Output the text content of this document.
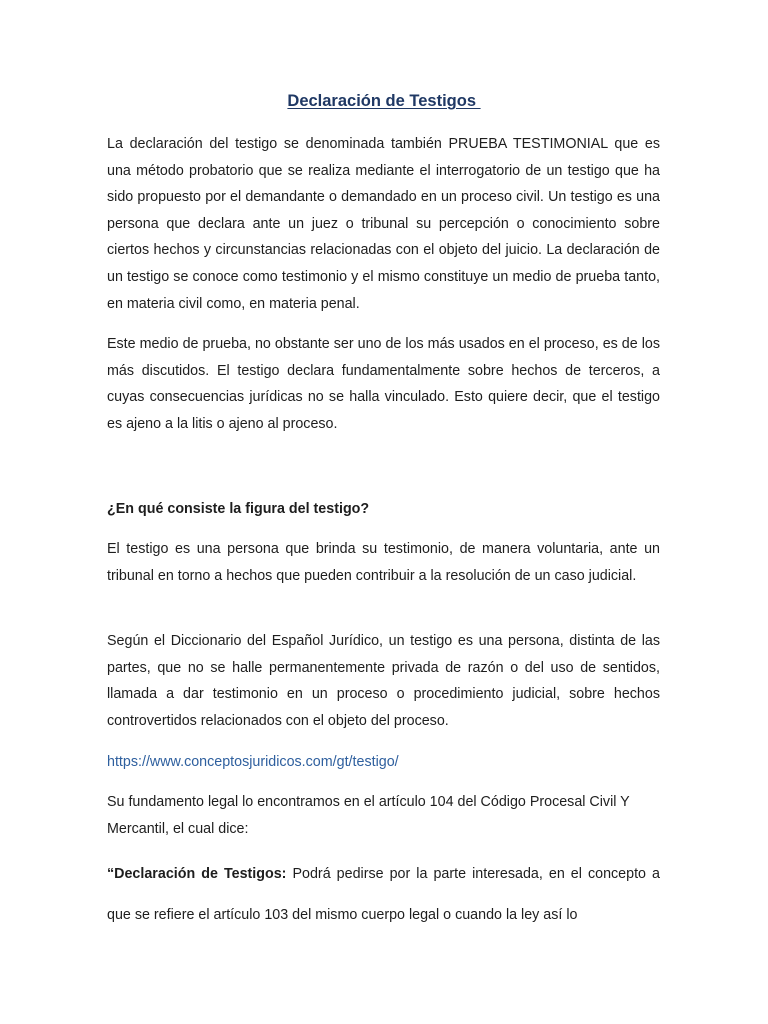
Declaración de Testigos

La declaración del testigo se denominada también PRUEBA TESTIMONIAL que es una método probatorio que se realiza mediante el interrogatorio de un testigo que ha sido propuesto por el demandante o demandado en un proceso civil. Un testigo es una persona que declara ante un juez o tribunal su percepción o conocimiento sobre ciertos hechos y circunstancias relacionadas con el objeto del juicio. La declaración de un testigo se conoce como testimonio y el mismo constituye un medio de prueba tanto, en materia civil como, en materia penal.

Este medio de prueba, no obstante ser uno de los más usados en el proceso, es de los más discutidos. El testigo declara fundamentalmente sobre hechos de terceros, a cuyas consecuencias jurídicas no se halla vinculado. Esto quiere decir, que el testigo es ajeno a la litis o ajeno al proceso.

¿En qué consiste la figura del testigo?

El testigo es una persona que brinda su testimonio, de manera voluntaria, ante un tribunal en torno a hechos que pueden contribuir a la resolución de un caso judicial.

Según el Diccionario del Español Jurídico, un testigo es una persona, distinta de las partes, que no se halle permanentemente privada de razón o del uso de sentidos, llamada a dar testimonio en un proceso o procedimiento judicial, sobre hechos controvertidos relacionados con el objeto del proceso.

https://www.conceptosjuridicos.com/gt/testigo/

Su fundamento legal lo encontramos en el artículo 104 del Código Procesal Civil Y Mercantil, el cual dice:

“Declaración de Testigos: Podrá pedirse por la parte interesada, en el concepto a que se refiere el artículo 103 del mismo cuerpo legal o cuando la ley así lo
